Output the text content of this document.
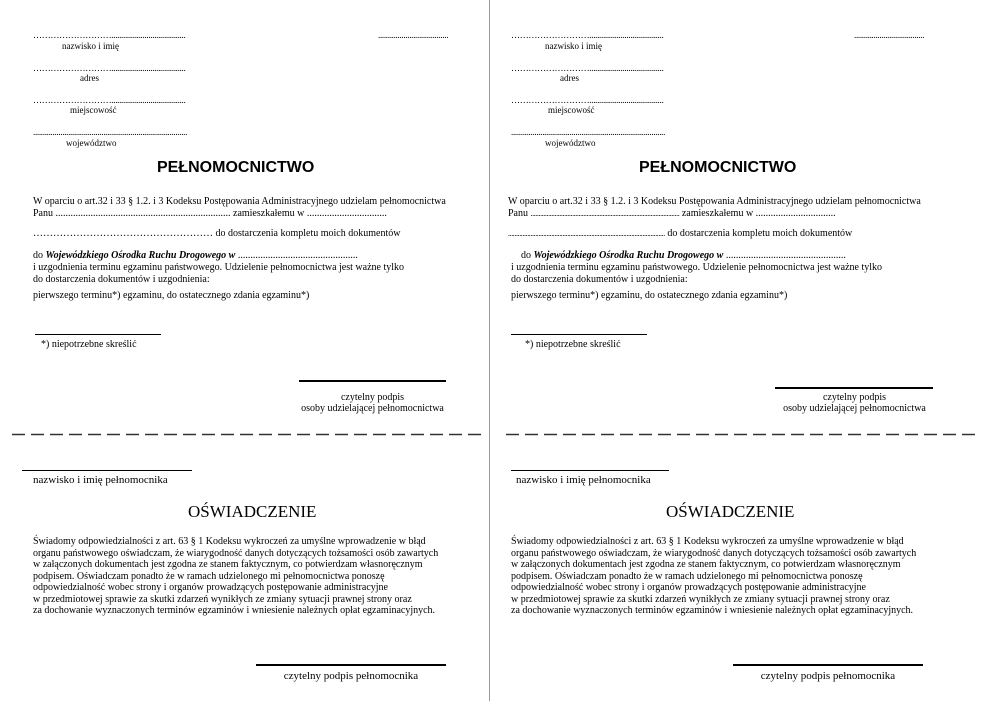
………………………......................................	....................................
nazwisko i imię
………………………......................................
adres
………………………......................................
miejscowość
...............................................................................
województwo
PEŁNOMOCNICTWO
W oparciu o art.32 i 33 § 1.2. i 3 Kodeksu Postępowania Administracyjnego udzielam pełnomocnictwa
Panu ...................................................................... zamieszkałemu w ................................
……………………………………………… do dostarczenia kompletu moich dokumentów
do Wojewódzkiego Ośrodka Ruchu Drogowego w ................................................
i uzgodnienia terminu egzaminu państwowego. Udzielenie pełnomocnictwa jest ważne tylko
do dostarczenia dokumentów i uzgodnienia:
pierwszego terminu*) egzaminu, do ostatecznego zdania egzaminu*)
*) niepotrzebne skreślić
czytelny podpis
osoby udzielającej pełnomocnictwa
nazwisko i imię pełnomocnika
OŚWIADCZENIE
Świadomy odpowiedzialności z art. 63 § 1 Kodeksu wykroczeń za umyślne wprowadzenie w błąd
organu państwowego oświadczam, że wiarygodność danych dotyczących tożsamości osób zawartych
w załączonych dokumentach jest zgodna ze stanem faktycznym, co potwierdzam własnoręcznym
podpisem. Oświadczam ponadto że w ramach udzielonego mi pełnomocnictwa ponoszę
odpowiedzialność wobec strony i organów prowadzących postępowanie administracyjne
w przedmiotowej sprawie za skutki zdarzeń wynikłych ze zmiany sytuacji prawnej strony oraz
za dochowanie wyznaczonych terminów egzaminów i wniesienie należnych opłat egzaminacyjnych.
czytelny podpis pełnomocnika
………………………......................................	....................................
nazwisko i imię
………………………......................................
adres
………………………......................................
miejscowość
...............................................................................
województwo
PEŁNOMOCNICTWO
W oparciu o art.32 i 33 § 1.2. i 3 Kodeksu Postępowania Administracyjnego udzielam pełnomocnictwa
Panu ............................................................................................. zamieszkałemu w ................................
.................................................................................................. do dostarczenia kompletu moich dokumentów
do Wojewódzkiego Ośrodka Ruchu Drogowego w ................................................
i uzgodnienia terminu egzaminu państwowego. Udzielenie pełnomocnictwa jest ważne tylko
do dostarczenia dokumentów i uzgodnienia:
pierwszego terminu*) egzaminu, do ostatecznego zdania egzaminu*)
*) niepotrzebne skreślić
czytelny podpis
osoby udzielającej pełnomocnictwa
nazwisko i imię pełnomocnika
OŚWIADCZENIE
Świadomy odpowiedzialności z art. 63 § 1 Kodeksu wykroczeń za umyślne wprowadzenie w błąd
organu państwowego oświadczam, że wiarygodność danych dotyczących tożsamości osób zawartych
w załączonych dokumentach jest zgodna ze stanem faktycznym, co potwierdzam własnoręcznym
podpisem. Oświadczam ponadto że w ramach udzielonego mi pełnomocnictwa ponoszę
odpowiedzialność wobec strony i organów prowadzących postępowanie administracyjne
w przedmiotowej sprawie za skutki zdarzeń wynikłych ze zmiany sytuacji prawnej strony oraz
za dochowanie wyznaczonych terminów egzaminów i wniesienie należnych opłat egzaminacyjnych.
czytelny podpis pełnomocnika
